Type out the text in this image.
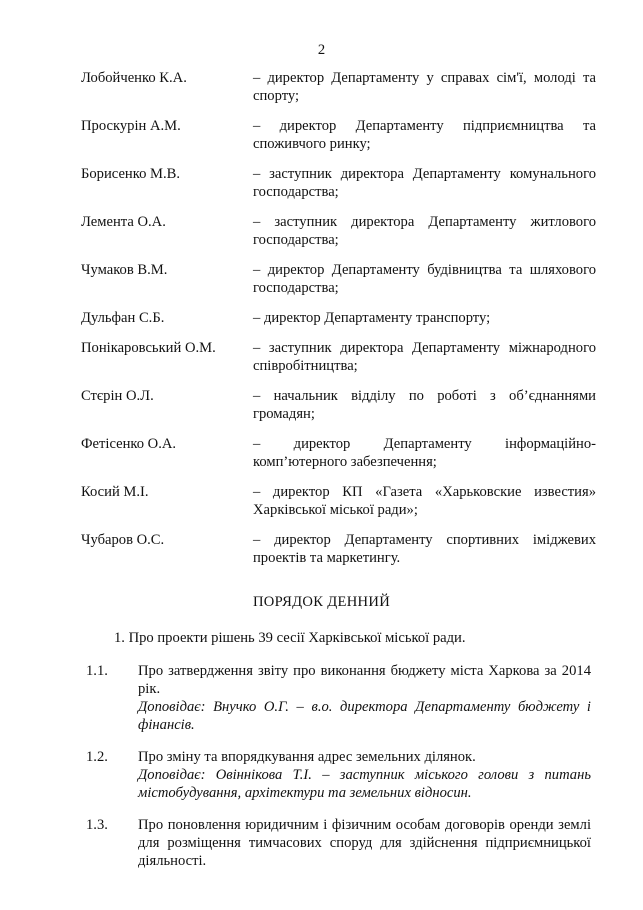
2
Лобойченко К.А.	– директор Департаменту у справах сім'ї, молоді та спорту;
Проскурін А.М.	– директор Департаменту підприємництва та споживчого ринку;
Борисенко М.В.	– заступник директора Департаменту комунального господарства;
Лемента О.А.	– заступник директора Департаменту житлового господарства;
Чумаков В.М.	– директор Департаменту будівництва та шляхового господарства;
Дульфан С.Б.	– директор Департаменту транспорту;
Понікаровський О.М.	– заступник директора Департаменту міжнародного співробітництва;
Стєрін О.Л.	– начальник відділу по роботі з об’єднаннями громадян;
Фетісенко О.А.	– директор Департаменту інформаційно-комп’ютерного забезпечення;
Косий М.І.	– директор КП «Газета «Харьковские известия» Харківської міської ради»;
Чубаров О.С.	– директор Департаменту спортивних іміджевих проектів та маркетингу.
ПОРЯДОК ДЕННИЙ
1. Про проекти рішень 39 сесії Харківської міської ради.
1.1.	Про затвердження звіту про виконання бюджету міста Харкова за 2014 рік.
Доповідає: Внучко О.Г. – в.о. директора Департаменту бюджету і фінансів.
1.2.	Про зміну та впорядкування адрес земельних ділянок.
Доповідає: Овіннікова Т.І. – заступник міського голови з питань містобудування, архітектури та земельних відносин.
1.3.	Про поновлення юридичним і фізичним особам договорів оренди землі для розміщення тимчасових споруд для здійснення підприємницької діяльності.
